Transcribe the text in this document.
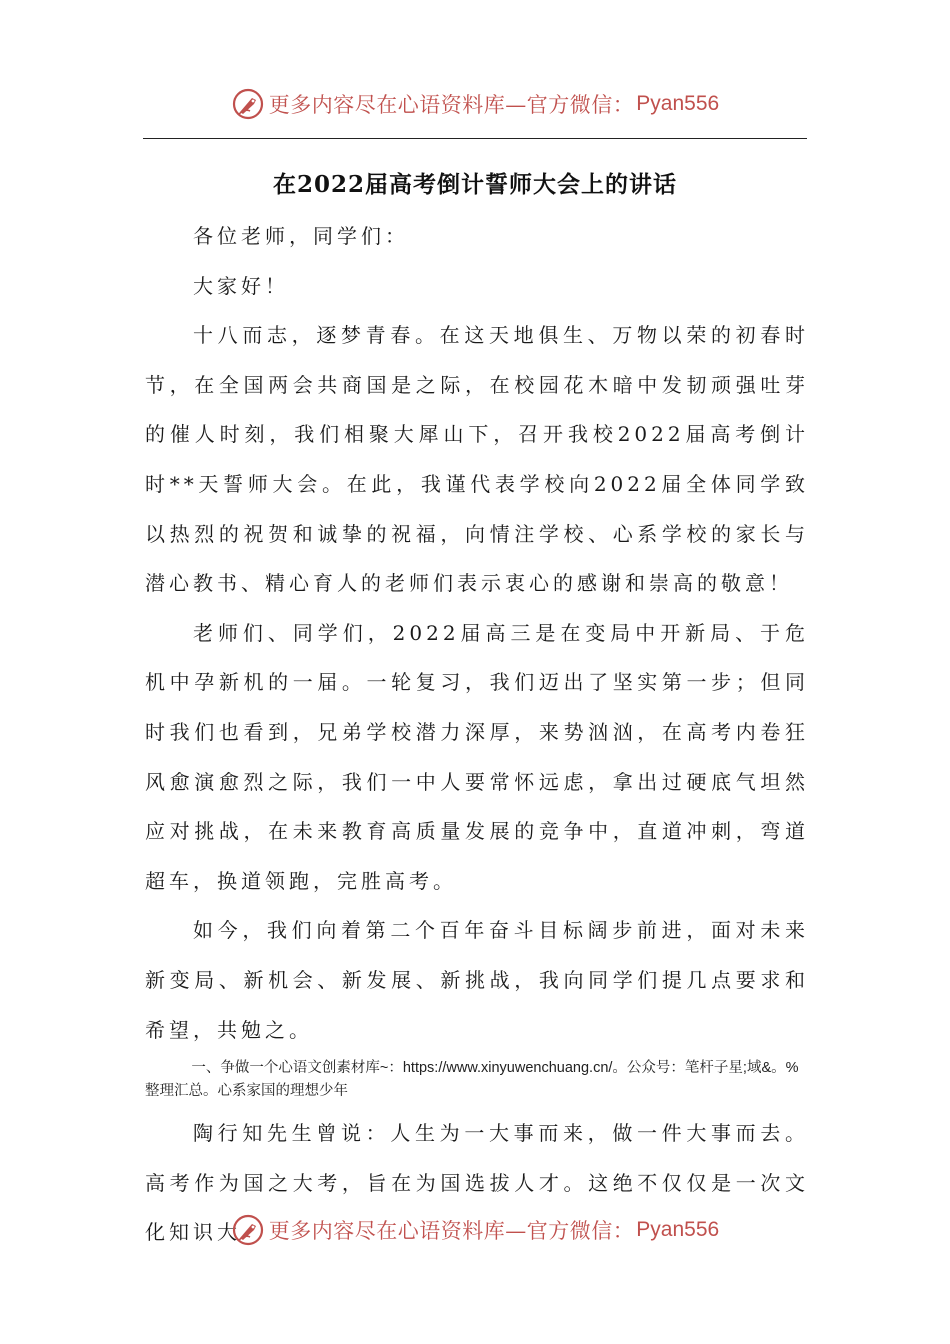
更多内容尽在心语资料库—官方微信： Pyan556
在2022届高考倒计誓师大会上的讲话

各位老师，同学们：

大家好！

十八而志，逐梦青春。在这天地俱生、万物以荣的初春时节，在全国两会共商国是之际，在校园花木暗中发韧顽强吐芽的催人时刻，我们相聚大犀山下，召开我校2022届高考倒计时**天誓师大会。在此，我谨代表学校向2022届全体同学致以热烈的祝贺和诚挚的祝福，向情注学校、心系学校的家长与潜心教书、精心育人的老师们表示衷心的感谢和崇高的敬意！

老师们、同学们，2022届高三是在变局中开新局、于危机中孕新机的一届。一轮复习，我们迈出了坚实第一步；但同时我们也看到，兄弟学校潜力深厚，来势汹汹，在高考内卷狂风愈演愈烈之际，我们一中人要常怀远虑，拿出过硬底气坦然应对挑战，在未来教育高质量发展的竞争中，直道冲刺，弯道超车，换道领跑，完胜高考。

如今，我们向着第二个百年奋斗目标阔步前进，面对未来新变局、新机会、新发展、新挑战，我向同学们提几点要求和希望，共勉之。

一、争做一个心语文创素材库~：https://www.xinyuwenchuang.cn/。公众号：笔杆子星;域&。%整理汇总。心系家国的理想少年

陶行知先生曾说：人生为一大事而来，做一件大事而去。高考作为国之大考，旨在为国选拔人才。这绝不仅仅是一次文化知识大	更多内容尽在心语资料库—官方微信： Pyan556
